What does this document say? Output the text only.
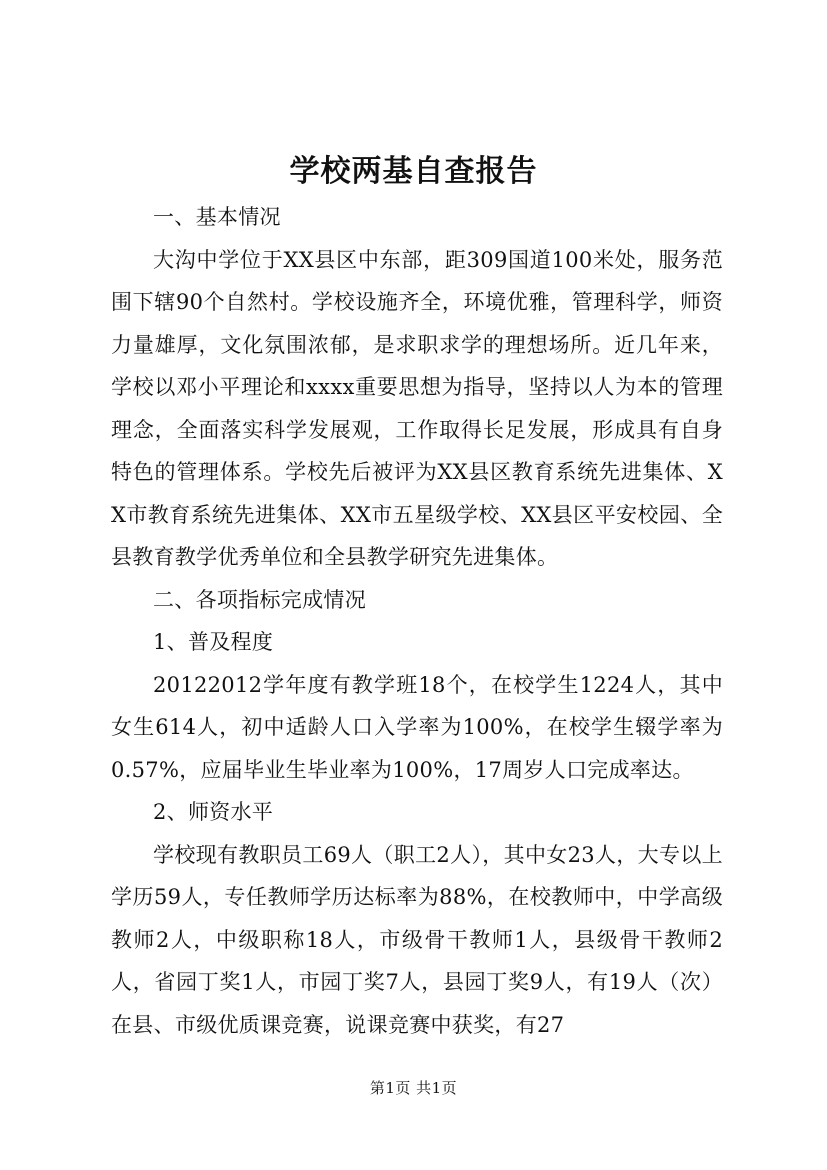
学校两基自查报告

一、基本情况

大沟中学位于XX县区中东部，距309国道100米处，服务范围下辖90个自然村。学校设施齐全，环境优雅，管理科学，师资力量雄厚，文化氛围浓郁，是求职求学的理想场所。近几年来，学校以邓小平理论和xxxx重要思想为指导，坚持以人为本的管理理念，全面落实科学发展观，工作取得长足发展，形成具有自身特色的管理体系。学校先后被评为XX县区教育系统先进集体、XX市教育系统先进集体、XX市五星级学校、XX县区平安校园、全县教育教学优秀单位和全县教学研究先进集体。

二、各项指标完成情况

1、普及程度

20122012学年度有教学班18个，在校学生1224人，其中女生614人，初中适龄人口入学率为100%，在校学生辍学率为0.57%，应届毕业生毕业率为100%，17周岁人口完成率达。

2、师资水平

学校现有教职员工69人（职工2人），其中女23人，大专以上学历59人，专任教师学历达标率为88%，在校教师中，中学高级教师2人，中级职称18人，市级骨干教师1人，县级骨干教师2人，省园丁奖1人，市园丁奖7人，县园丁奖9人，有19人（次）在县、市级优质课竞赛，说课竞赛中获奖，有27

第1页 共1页
